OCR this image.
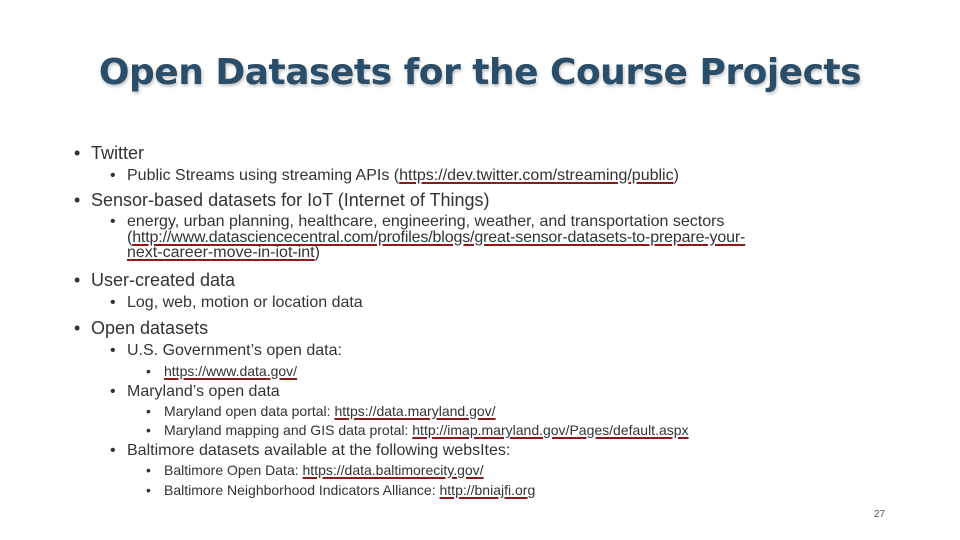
Open Datasets for the Course Projects
• Twitter
• Public Streams using streaming APIs (https://dev.twitter.com/streaming/public)
• Sensor-based datasets for IoT (Internet of Things)
• energy, urban planning, healthcare, engineering, weather, and transportation sectors
(http://www.datasciencecentral.com/profiles/blogs/great-sensor-datasets-to-prepare-your-
next-career-move-in-iot-int)
• User-created data
• Log, web, motion or location data
• Open datasets
• U.S. Government’s open data:
• https://www.data.gov/
• Maryland’s open data
• Maryland open data portal: https://data.maryland.gov/
• Maryland mapping and GIS data protal: http://imap.maryland.gov/Pages/default.aspx
• Baltimore datasets available at the following websItes:
• Baltimore Open Data: https://data.baltimorecity.gov/
• Baltimore Neighborhood Indicators Alliance: http://bniajfi.org
27
